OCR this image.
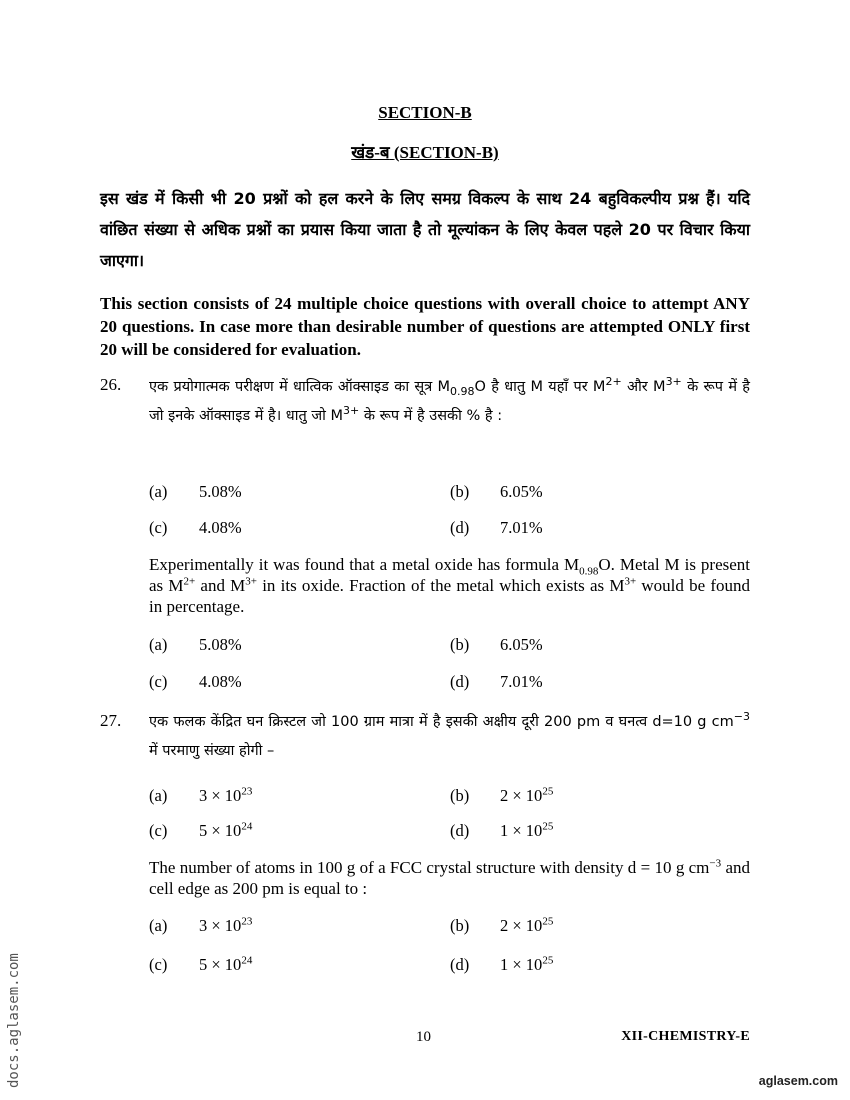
SECTION-B
खंड-ब (SECTION-B)
इस खंड में किसी भी 20 प्रश्नों को हल करने के लिए समग्र विकल्प के साथ 24 बहुविकल्पीय प्रश्न हैं। यदि वांछित संख्या से अधिक प्रश्नों का प्रयास किया जाता है तो मूल्यांकन के लिए केवल पहले 20 पर विचार किया जाएगा।
This section consists of 24 multiple choice questions with overall choice to attempt ANY 20 questions. In case more than desirable number of questions are attempted ONLY first 20 will be considered for evaluation.
26. एक प्रयोगात्मक परीक्षण में धात्विक ऑक्साइड का सूत्र $M_{0.98}O$ है धातु M यहाँ पर $M^{2+}$ और $M^{3+}$ के रूप में है जो इनके ऑक्साइड में है। धातु जो $M^{3+}$ के रूप में है उसकी % है :
(a) 5.08%	(b) 6.05%
(c) 4.08%	(d) 7.01%
Experimentally it was found that a metal oxide has formula $M_{0.98}O$. Metal M is present as $M^{2+}$ and $M^{3+}$ in its oxide. Fraction of the metal which exists as $M^{3+}$ would be found in percentage.
(a) 5.08%	(b) 6.05%
(c) 4.08%	(d) 7.01%
27. एक फलक केंद्रित घन क्रिस्टल जो 100 ग्राम मात्रा में है इसकी अक्षीय दूरी 200 pm व घनत्व d=10 g $cm^{-3}$ में परमाणु संख्या होगी –
(a) $3 \times 10^{23}$	(b) $2 \times 10^{25}$
(c) $5 \times 10^{24}$	(d) $1 \times 10^{25}$
The number of atoms in 100 g of a FCC crystal structure with density d = 10 g $cm^{-3}$ and cell edge as 200 pm is equal to :
(a) $3 \times 10^{23}$	(b) $2 \times 10^{25}$
(c) $5 \times 10^{24}$	(d) $1 \times 10^{25}$
10	XII-CHEMISTRY-E
docs.aglasem.com	aglasem.com
